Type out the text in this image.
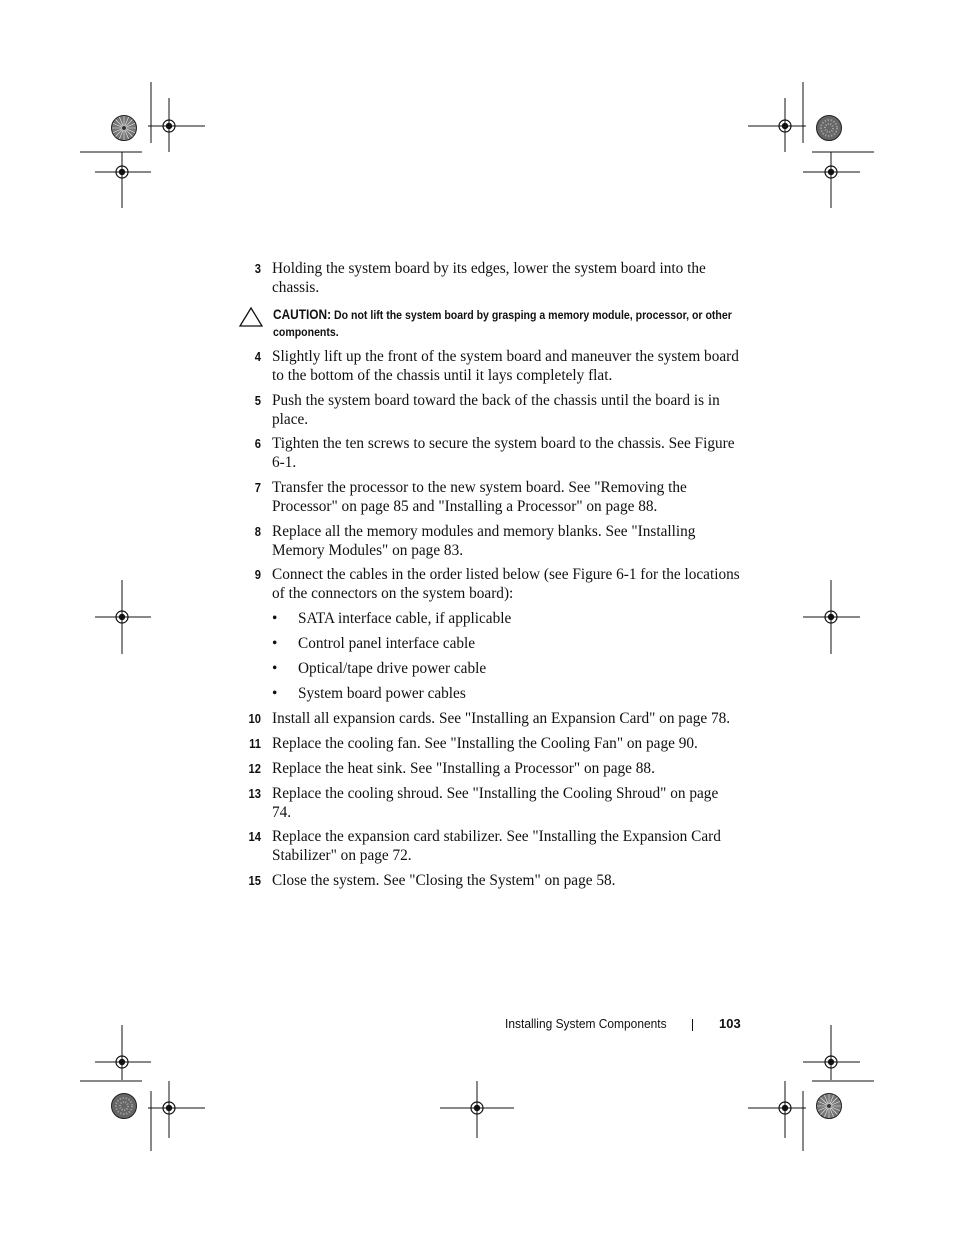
3 Holding the system board by its edges, lower the system board into the chassis.
CAUTION: Do not lift the system board by grasping a memory module, processor, or other components.
4 Slightly lift up the front of the system board and maneuver the system board to the bottom of the chassis until it lays completely flat.
5 Push the system board toward the back of the chassis until the board is in place.
6 Tighten the ten screws to secure the system board to the chassis. See Figure 6-1.
7 Transfer the processor to the new system board. See "Removing the Processor" on page 85 and "Installing a Processor" on page 88.
8 Replace all the memory modules and memory blanks. See "Installing Memory Modules" on page 83.
9 Connect the cables in the order listed below (see Figure 6-1 for the locations of the connectors on the system board):
• SATA interface cable, if applicable
• Control panel interface cable
• Optical/tape drive power cable
• System board power cables
10 Install all expansion cards. See "Installing an Expansion Card" on page 78.
11 Replace the cooling fan. See "Installing the Cooling Fan" on page 90.
12 Replace the heat sink. See "Installing a Processor" on page 88.
13 Replace the cooling shroud. See "Installing the Cooling Shroud" on page 74.
14 Replace the expansion card stabilizer. See "Installing the Expansion Card Stabilizer" on page 72.
15 Close the system. See "Closing the System" on page 58.
Installing System Components	103
